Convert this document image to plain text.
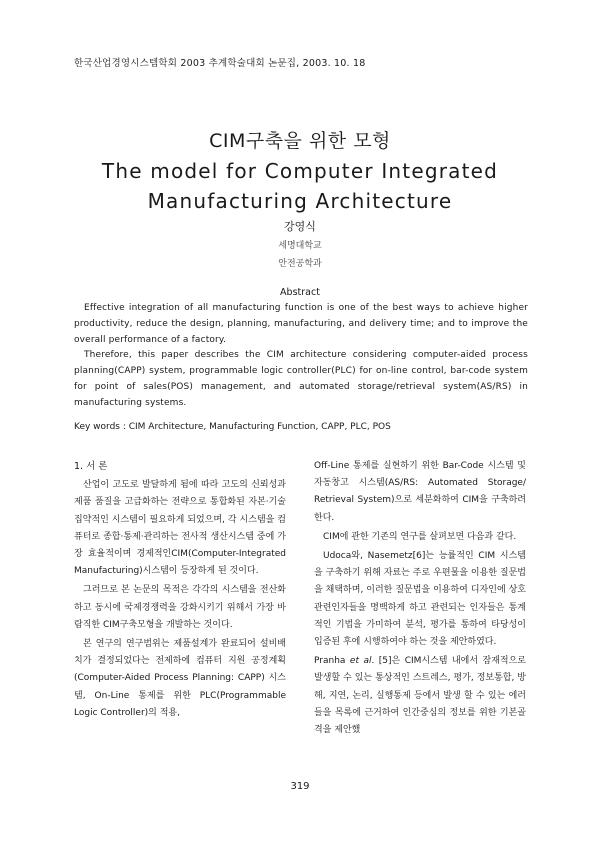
한국산업경영시스템학회 2003 추계학술대회 논문집, 2003. 10. 18
CIM구축을 위한 모형
The model for Computer Integrated
Manufacturing Architecture
강영식
세명대학교
안전공학과
Abstract

Effective integration of all manufacturing function is one of the best ways to achieve higher productivity, reduce the design, planning, manufacturing, and delivery time; and to improve the overall performance of a factory.

Therefore, this paper describes the CIM architecture considering computer-aided process planning(CAPP) system, programmable logic controller(PLC) for on-line control, bar-code system for point of sales(POS) management, and automated storage/retrieval system(AS/RS) in manufacturing systems.

Key words : CIM Architecture, Manufacturing Function, CAPP, PLC, POS

1. 서 론

산업이 고도로 발달하게 됨에 따라 고도의 신뢰성과 제품 품질을 고급화하는 전략으로 통합화된 자본·기술 집약적인 시스템이 필요하게 되었으며, 각 시스템을 컴퓨터로 종합·통제·관리하는 전사적 생산시스템 중에 가장 효율적이며 경제적인CIM(Computer-Integrated Manufacturing)시스템이 등장하게 된 것이다.

그러므로 본 논문의 목적은 각각의 시스템을 전산화하고 동시에 국제경쟁력을 강화시키기 위해서 가장 바람직한 CIM구축모형을 개발하는 것이다.

본 연구의 연구범위는 제품설계가 완료되어 설비배치가 결정되었다는 전제하에 컴퓨터 지원 공정계획(Computer-Aided Process Planning: CAPP) 시스템, On-Line 통제를 위한 PLC(Programmable Logic Controller)의 적용,

Off-Line 통제를 실현하기 위한 Bar-Code 시스템 및 자동창고 시스템(AS/RS: Automated Storage/ Retrieval System)으로 세분화하여 CIM을 구축하려한다.

CIM에 관한 기존의 연구를 살펴보면 다음과 같다.

Udoca와, Nasemetz[6]는 능률적인 CIM 시스템을 구축하기 위해 자료는 주로 우편물을 이용한 질문법을 채택하며, 이러한 질문법을 이용하여 디자인에 상호 관련인자들을 명백하게 하고 관련되는 인자들은 통계적인 기법을 가미하여 분석, 평가를 통하여 타당성이 입증된 후에 시행하여야 하는 것을 제안하였다.

Pranha et al. [5]은 CIM시스템 내에서 잠재적으로 발생할 수 있는 통상적인 스트레스, 평가, 정보통합, 방해, 지연, 논리, 실행통제 등에서 발생 할 수 있는 에러들을 목록에 근거하여 인간중심의 정보를 위한 기본골격을 제안했

319
